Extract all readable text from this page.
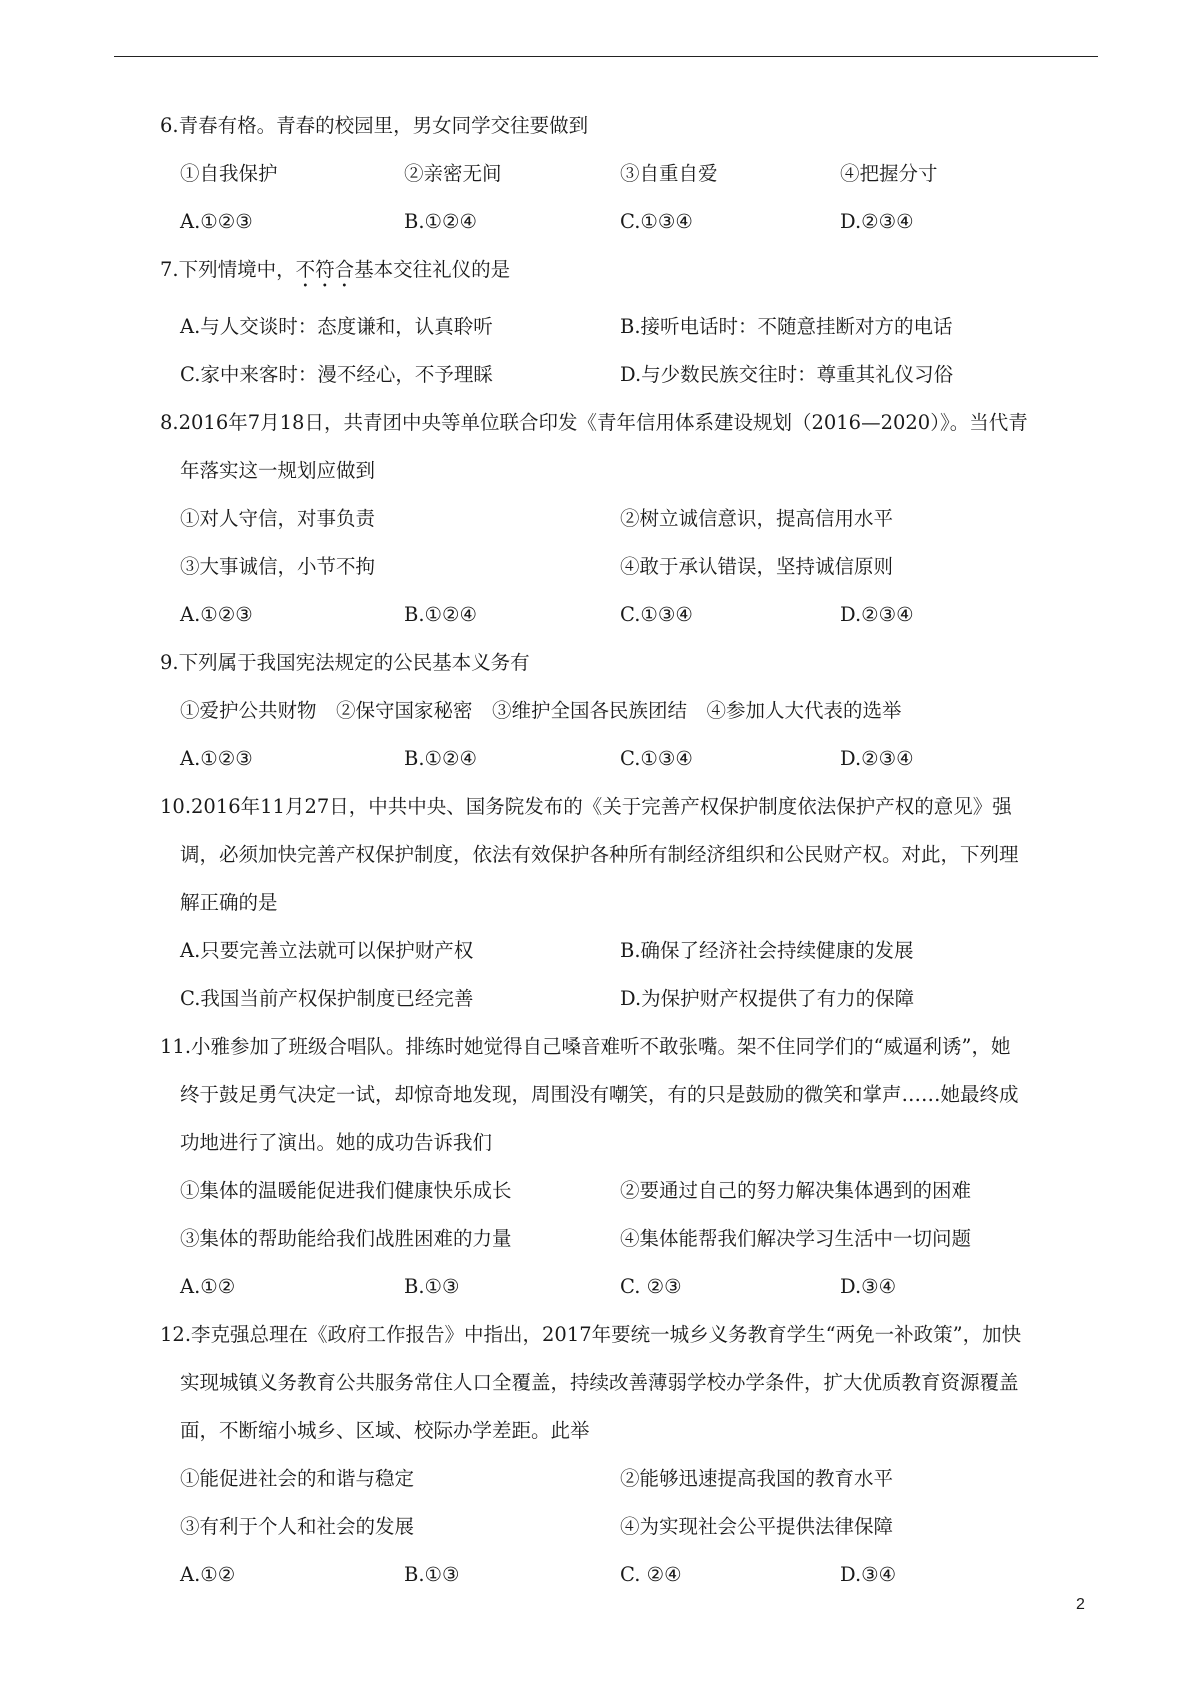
6.青春有格。青春的校园里，男女同学交往要做到
①自我保护	②亲密无间	③自重自爱	④把握分寸
A.①②③	B.①②④	C.①③④	D.②③④
7.下列情境中，不符合基本交往礼仪的是
A.与人交谈时：态度谦和，认真聆听	B.接听电话时：不随意挂断对方的电话
C.家中来客时：漫不经心，不予理睬	D.与少数民族交往时：尊重其礼仪习俗
8.2016年7月18日，共青团中央等单位联合印发《青年信用体系建设规划（2016—2020）》。当代青
年落实这一规划应做到
①对人守信，对事负责	②树立诚信意识，提高信用水平
③大事诚信，小节不拘	④敢于承认错误，坚持诚信原则
A.①②③	B.①②④	C.①③④	D.②③④
9.下列属于我国宪法规定的公民基本义务有
①爱护公共财物　②保守国家秘密　③维护全国各民族团结　④参加人大代表的选举
A.①②③	B.①②④	C.①③④	D.②③④
10.2016年11月27日，中共中央、国务院发布的《关于完善产权保护制度依法保护产权的意见》强
调，必须加快完善产权保护制度，依法有效保护各种所有制经济组织和公民财产权。对此，下列理
解正确的是
A.只要完善立法就可以保护财产权	B.确保了经济社会持续健康的发展
C.我国当前产权保护制度已经完善	D.为保护财产权提供了有力的保障
11.小雅参加了班级合唱队。排练时她觉得自己嗓音难听不敢张嘴。架不住同学们的“威逼利诱”，她
终于鼓足勇气决定一试，却惊奇地发现，周围没有嘲笑，有的只是鼓励的微笑和掌声……她最终成
功地进行了演出。她的成功告诉我们
①集体的温暖能促进我们健康快乐成长	②要通过自己的努力解决集体遇到的困难
③集体的帮助能给我们战胜困难的力量	④集体能帮我们解决学习生活中一切问题
A.①②	B.①③	C. ②③	D.③④
12.李克强总理在《政府工作报告》中指出，2017年要统一城乡义务教育学生“两免一补政策”，加快
实现城镇义务教育公共服务常住人口全覆盖，持续改善薄弱学校办学条件，扩大优质教育资源覆盖
面，不断缩小城乡、区域、校际办学差距。此举
①能促进社会的和谐与稳定	②能够迅速提高我国的教育水平
③有利于个人和社会的发展	④为实现社会公平提供法律保障
A.①②	B.①③	C. ②④	D.③④
2
